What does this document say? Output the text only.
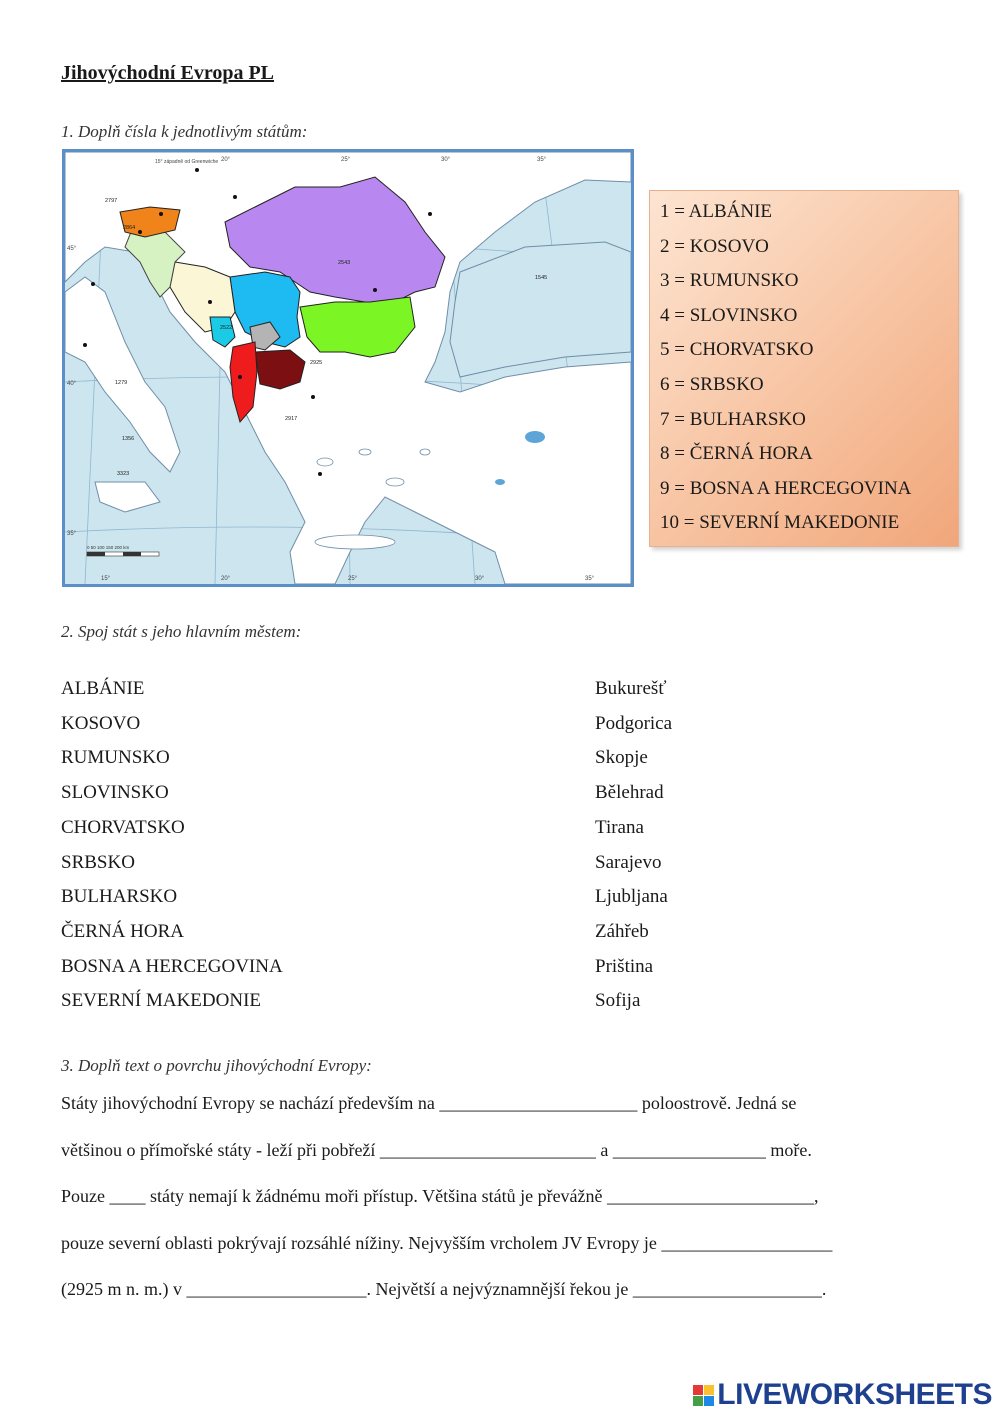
Jihovýchodní Evropa PL
1. Doplň čísla k jednotlivým státům:
15° západně od Greenwiche 20°	25°	30°	35°
15°	20°	25°	30°	35°
45°
40°
35°
2797
2864
2543
1545
2522
2925
2917
1279
1356
3323
0 50 100 150 200 km
1 = ALBÁNIE
2 = KOSOVO
3 = RUMUNSKO
4 = SLOVINSKO
5 = CHORVATSKO
6 = SRBSKO
7 = BULHARSKO
8 = ČERNÁ HORA
9 = BOSNA A HERCEGOVINA
10 = SEVERNÍ MAKEDONIE
2. Spoj stát s jeho hlavním městem:
ALBÁNIE
KOSOVO
RUMUNSKO
SLOVINSKO
CHORVATSKO
SRBSKO
BULHARSKO
ČERNÁ HORA
BOSNA A HERCEGOVINA
SEVERNÍ MAKEDONIE
Bukurešť
Podgorica
Skopje
Bělehrad
Tirana
Sarajevo
Ljubljana
Záhřeb
Priština
Sofija
3. Doplň text o povrchu jihovýchodní Evropy:
Státy jihovýchodní Evropy se nachází především na ______________________ poloostrově. Jedná se
většinou o přímořské státy - leží při pobřeží ________________________ a _________________ moře.
Pouze ____ státy nemají k žádnému moři přístup. Většina států je převážně _______________________,
pouze severní oblasti pokrývají rozsáhlé nížiny. Nejvyšším vrcholem JV Evropy je ___________________
(2925 m n. m.) v ____________________. Největší a nejvýznamnější řekou je _____________________.
LIVEWORKSHEETS
